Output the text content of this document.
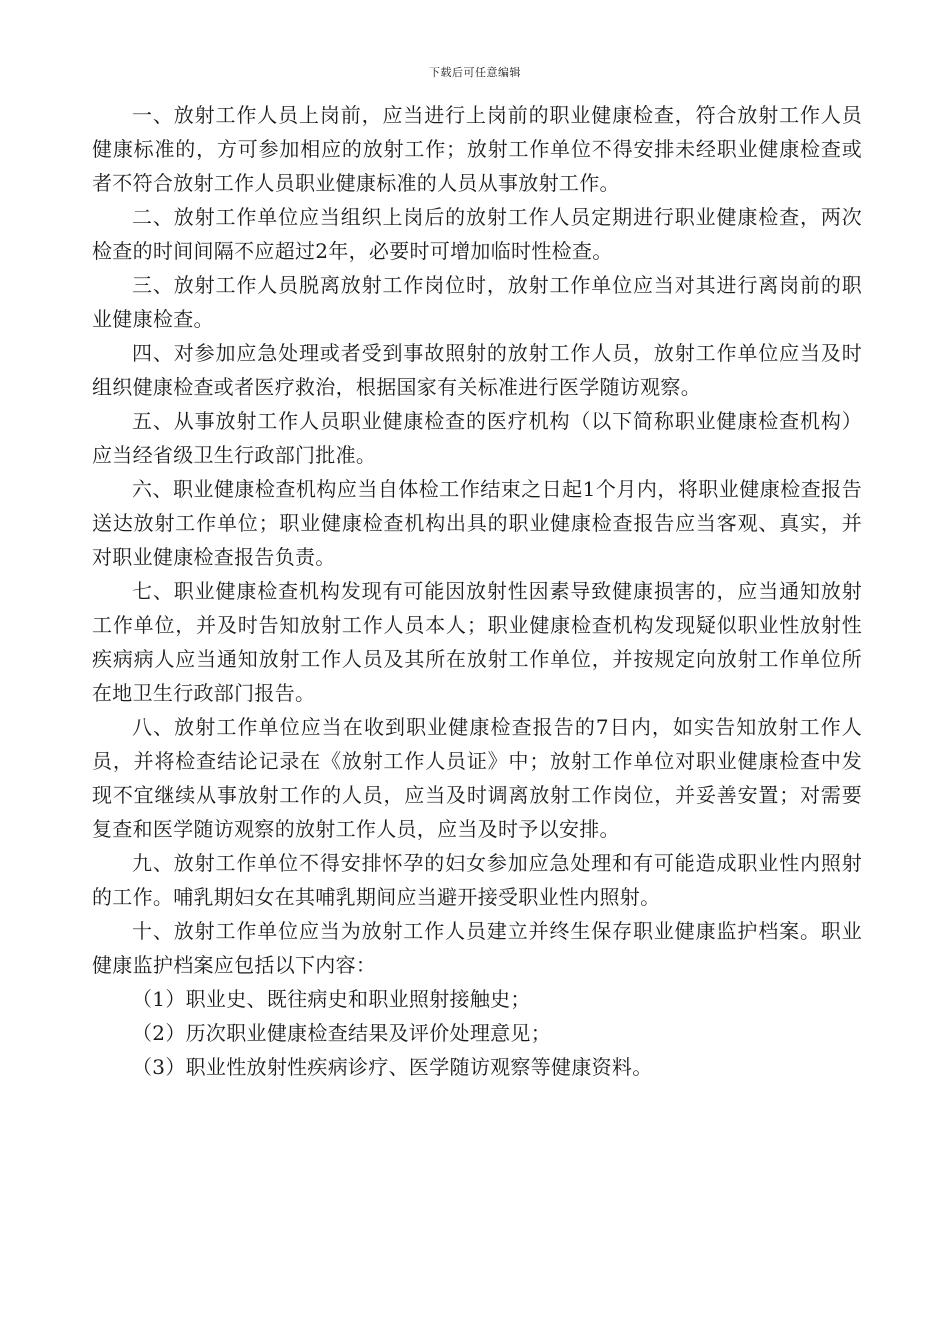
下载后可任意编辑

一、放射工作人员上岗前，应当进行上岗前的职业健康检查，符合放射工作人员健康标准的，方可参加相应的放射工作；放射工作单位不得安排未经职业健康检查或者不符合放射工作人员职业健康标准的人员从事放射工作。

二、放射工作单位应当组织上岗后的放射工作人员定期进行职业健康检查，两次检查的时间间隔不应超过2年，必要时可增加临时性检查。

三、放射工作人员脱离放射工作岗位时，放射工作单位应当对其进行离岗前的职业健康检查。

四、对参加应急处理或者受到事故照射的放射工作人员，放射工作单位应当及时组织健康检查或者医疗救治，根据国家有关标准进行医学随访观察。

五、从事放射工作人员职业健康检查的医疗机构（以下简称职业健康检查机构）应当经省级卫生行政部门批准。

六、职业健康检查机构应当自体检工作结束之日起1个月内，将职业健康检查报告送达放射工作单位；职业健康检查机构出具的职业健康检查报告应当客观、真实，并对职业健康检查报告负责。

七、职业健康检查机构发现有可能因放射性因素导致健康损害的，应当通知放射工作单位，并及时告知放射工作人员本人；职业健康检查机构发现疑似职业性放射性疾病病人应当通知放射工作人员及其所在放射工作单位，并按规定向放射工作单位所在地卫生行政部门报告。

八、放射工作单位应当在收到职业健康检查报告的7日内，如实告知放射工作人员，并将检查结论记录在《放射工作人员证》中；放射工作单位对职业健康检查中发现不宜继续从事放射工作的人员，应当及时调离放射工作岗位，并妥善安置；对需要复查和医学随访观察的放射工作人员，应当及时予以安排。

九、放射工作单位不得安排怀孕的妇女参加应急处理和有可能造成职业性内照射的工作。哺乳期妇女在其哺乳期间应当避开接受职业性内照射。

十、放射工作单位应当为放射工作人员建立并终生保存职业健康监护档案。职业健康监护档案应包括以下内容：

（1）职业史、既往病史和职业照射接触史；

（2）历次职业健康检查结果及评价处理意见；

（3）职业性放射性疾病诊疗、医学随访观察等健康资料。
